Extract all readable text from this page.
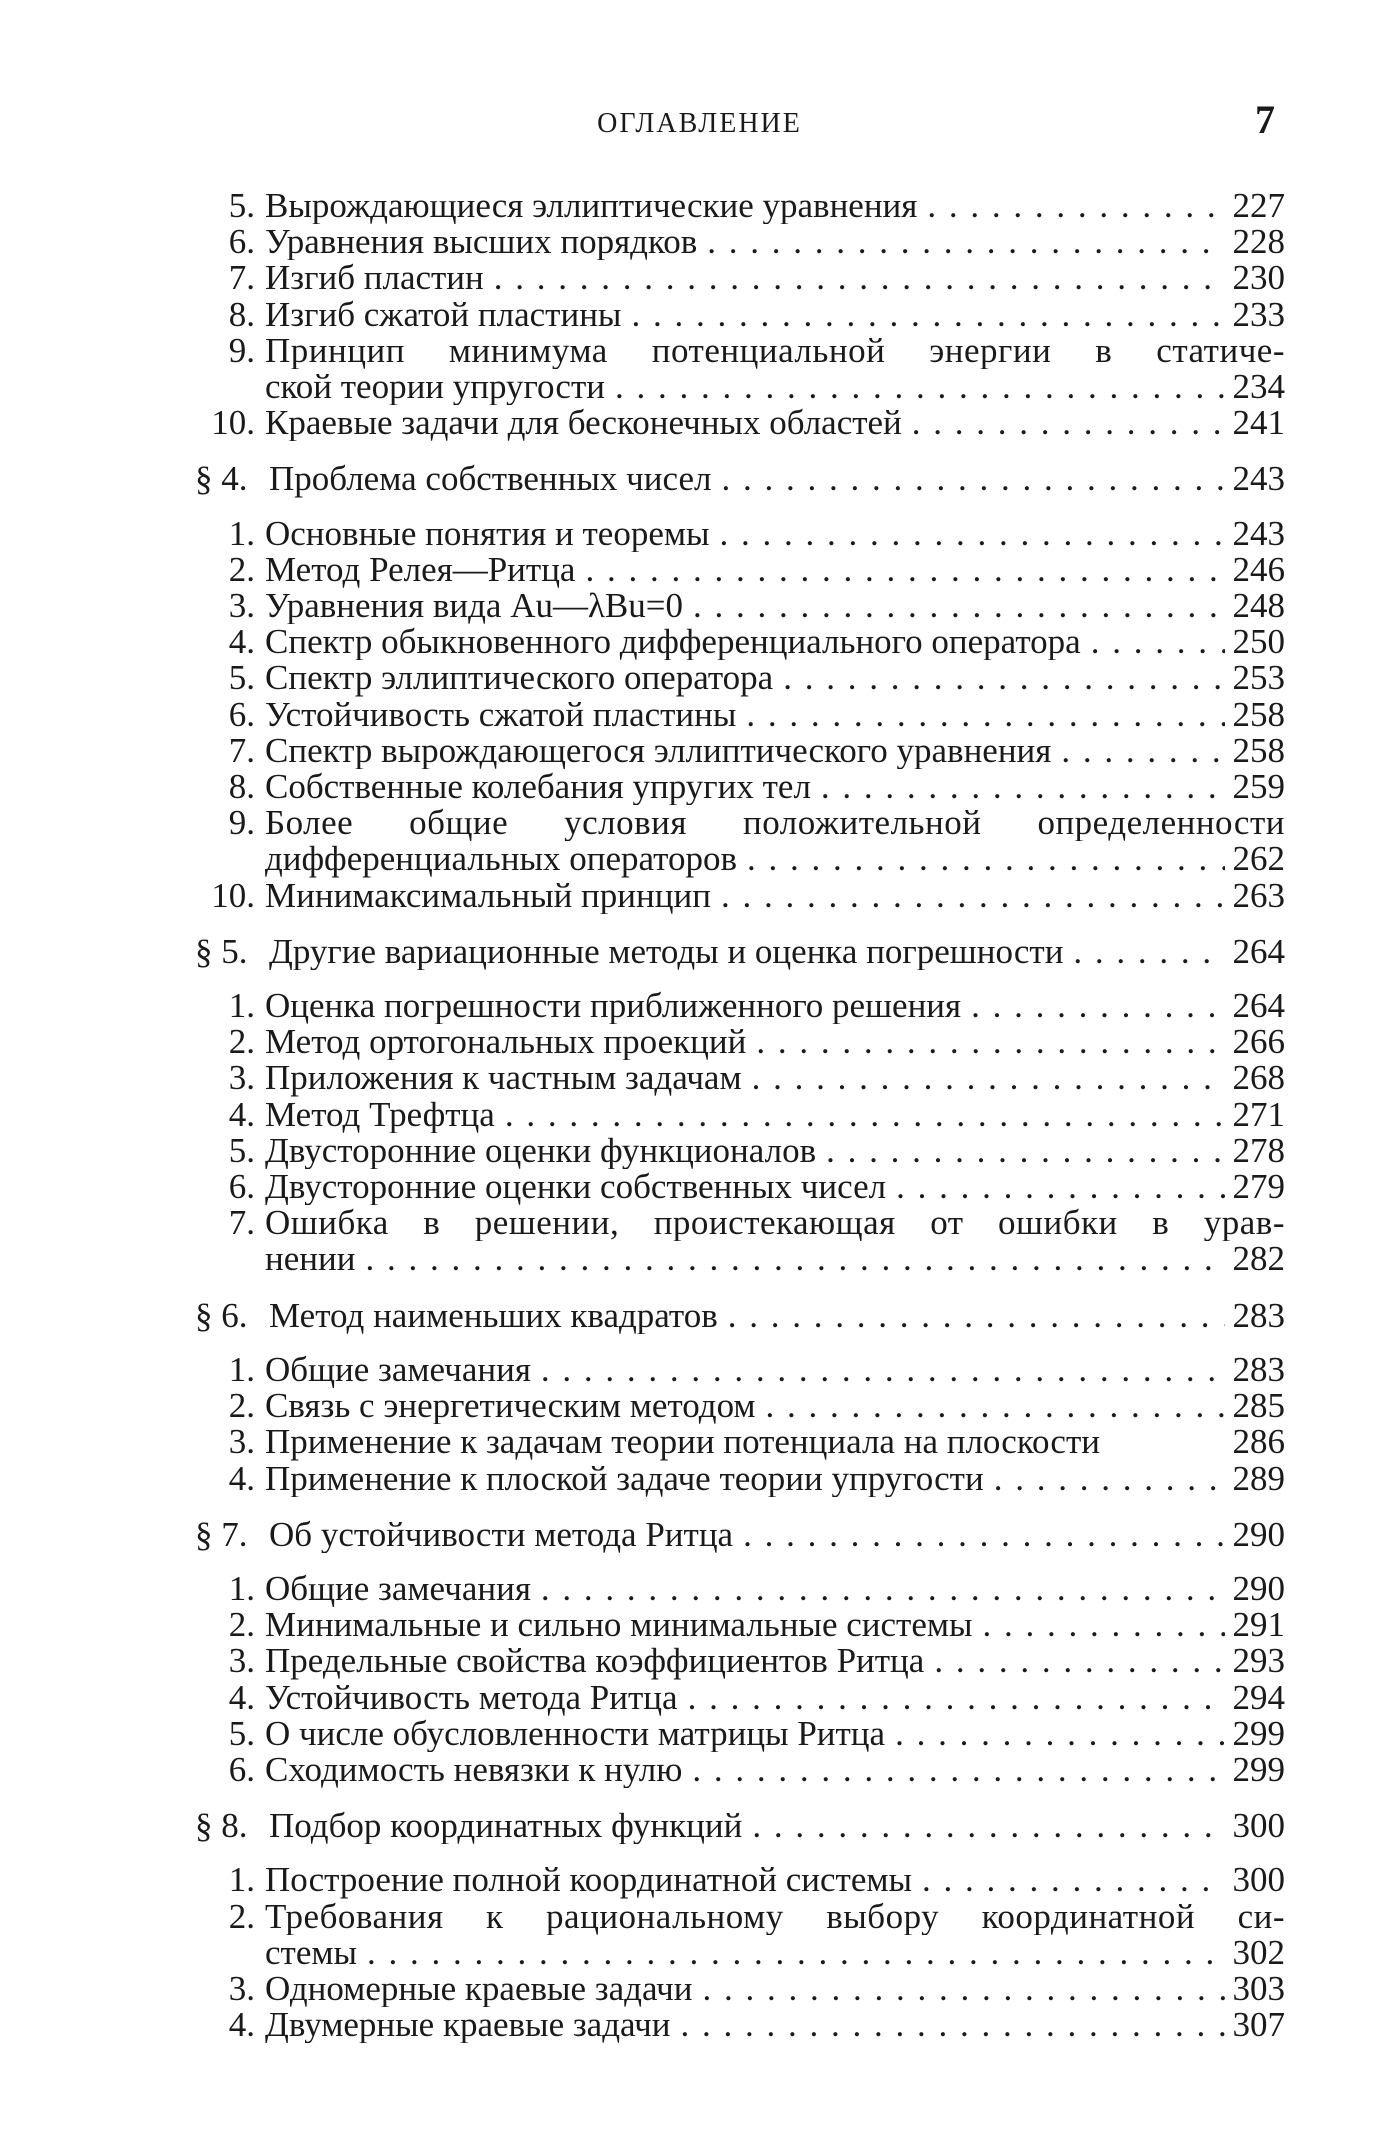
ОГЛАВЛЕНИЕ	7
5. Вырождающиеся эллиптические уравнения . . .	227
6. Уравнения высших порядков . . .	228
7. Изгиб пластин . . .	230
8. Изгиб сжатой пластины . . .	233
9. Принцип минимума потенциальной энергии в статиче-
ской теории упругости . . .	234
10. Краевые задачи для бесконечных областей . . .	241
§ 4. Проблема собственных чисел . . .	243
1. Основные понятия и теоремы . . .	243
2. Метод Релея—Ритца . . .	246
3. Уравнения вида Au—λBu=0 . . .	248
4. Спектр обыкновенного дифференциального оператора . . .	250
5. Спектр эллиптического оператора . . .	253
6. Устойчивость сжатой пластины . . .	258
7. Спектр вырождающегося эллиптического уравнения . . .	258
8. Собственные колебания упругих тел . . .	259
9. Более общие условия положительной определенности
дифференциальных операторов . . .	262
10. Минимаксимальный принцип . . .	263
§ 5. Другие вариационные методы и оценка погрешности . . .	264
1. Оценка погрешности приближенного решения . . .	264
2. Метод ортогональных проекций . . .	266
3. Приложения к частным задачам . . .	268
4. Метод Трефтца . . .	271
5. Двусторонние оценки функционалов . . .	278
6. Двусторонние оценки собственных чисел . . .	279
7. Ошибка в решении, проистекающая от ошибки в урав-
нении . . .	282
§ 6. Метод наименьших квадратов . . .	283
1. Общие замечания . . .	283
2. Связь с энергетическим методом . . .	285
3. Применение к задачам теории потенциала на плоскости	286
4. Применение к плоской задаче теории упругости . . .	289
§ 7. Об устойчивости метода Ритца . . .	290
1. Общие замечания . . .	290
2. Минимальные и сильно минимальные системы . . .	291
3. Предельные свойства коэффициентов Ритца . . .	293
4. Устойчивость метода Ритца . . .	294
5. О числе обусловленности матрицы Ритца . . .	299
6. Сходимость невязки к нулю . . .	299
§ 8. Подбор координатных функций . . .	300
1. Построение полной координатной системы . . .	300
2. Требования к рациональному выбору координатной си-
стемы . . .	302
3. Одномерные краевые задачи . . .	303
4. Двумерные краевые задачи . . .	307
